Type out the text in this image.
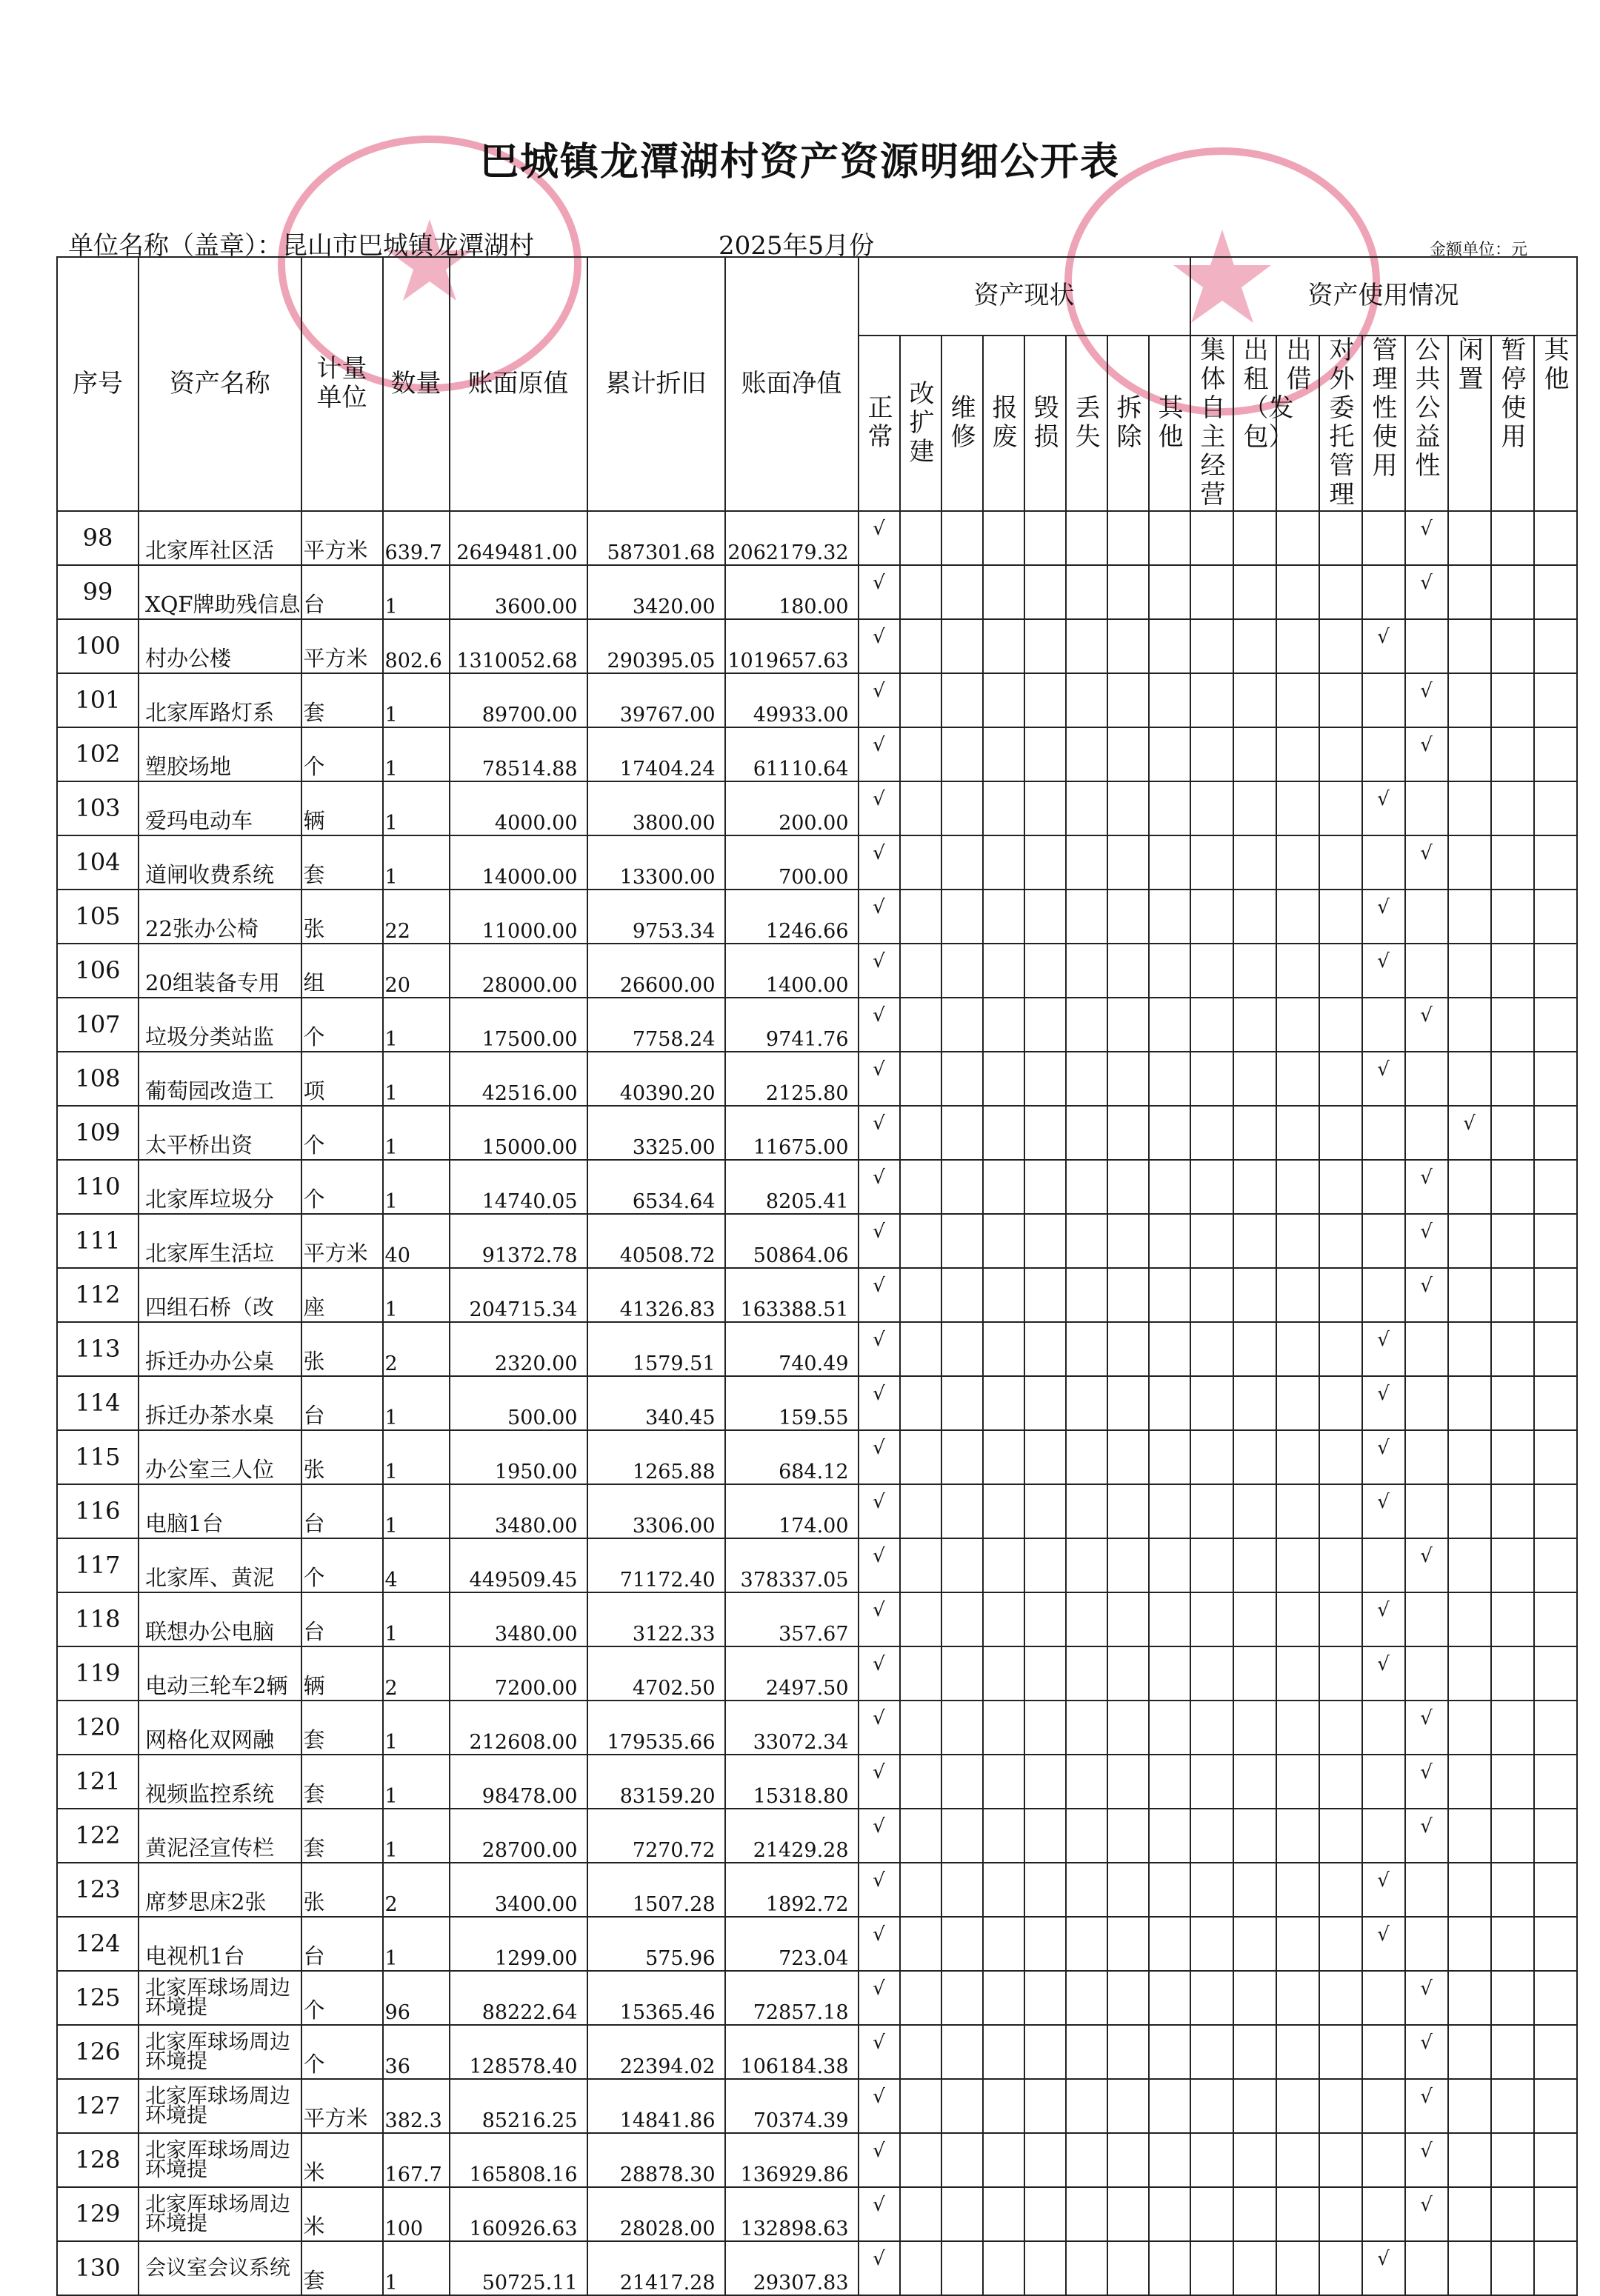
巴城镇龙潭湖村资产资源明细公开表
单位名称（盖章）：昆山市巴城镇龙潭湖村	2025年5月份	金额单位：元
序号	资产名称	计量单位	数量	账面原值	累计折旧	账面净值	资产现状								资产使用情况								
							正常	改扩建	维修	报废	毁损	丢失	拆除	其他	集体自主经营	出租（发包）	出借	对外委托管理	管理性使用	公共公益性	闲置	暂停使用	其他
98	北家厍社区活	平方米	639.7	2649481.00	587301.68	2062179.32	√													√			
99	XQF牌助残信息	台	1	3600.00	3420.00	180.00	√													√			
100	村办公楼	平方米	802.6	1310052.68	290395.05	1019657.63	√												√				
101	北家厍路灯系	套	1	89700.00	39767.00	49933.00	√													√			
102	塑胶场地	个	1	78514.88	17404.24	61110.64	√													√			
103	爱玛电动车	辆	1	4000.00	3800.00	200.00	√												√				
104	道闸收费系统	套	1	14000.00	13300.00	700.00	√													√			
105	22张办公椅	张	22	11000.00	9753.34	1246.66	√												√				
106	20组装备专用	组	20	28000.00	26600.00	1400.00	√												√				
107	垃圾分类站监	个	1	17500.00	7758.24	9741.76	√													√			
108	葡萄园改造工	项	1	42516.00	40390.20	2125.80	√												√				
109	太平桥出资	个	1	15000.00	3325.00	11675.00	√														√		
110	北家厍垃圾分	个	1	14740.05	6534.64	8205.41	√													√			
111	北家厍生活垃	平方米	40	91372.78	40508.72	50864.06	√													√			
112	四组石桥（改	座	1	204715.34	41326.83	163388.51	√													√			
113	拆迁办办公桌	张	2	2320.00	1579.51	740.49	√												√				
114	拆迁办茶水桌	台	1	500.00	340.45	159.55	√												√				
115	办公室三人位	张	1	1950.00	1265.88	684.12	√												√				
116	电脑1台	台	1	3480.00	3306.00	174.00	√												√				
117	北家厍、黄泥	个	4	449509.45	71172.40	378337.05	√													√			
118	联想办公电脑	台	1	3480.00	3122.33	357.67	√												√				
119	电动三轮车2辆	辆	2	7200.00	4702.50	2497.50	√												√				
120	网格化双网融	套	1	212608.00	179535.66	33072.34	√													√			
121	视频监控系统	套	1	98478.00	83159.20	15318.80	√													√			
122	黄泥泾宣传栏	套	1	28700.00	7270.72	21429.28	√													√			
123	席梦思床2张	张	2	3400.00	1507.28	1892.72	√												√				
124	电视机1台	台	1	1299.00	575.96	723.04	√												√				
125	北家厍球场周边环境提	个	96	88222.64	15365.46	72857.18	√													√			
126	北家厍球场周边环境提	个	36	128578.40	22394.02	106184.38	√													√			
127	北家厍球场周边环境提	平方米	382.3	85216.25	14841.86	70374.39	√													√			
128	北家厍球场周边环境提	米	167.7	165808.16	28878.30	136929.86	√													√			
129	北家厍球场周边环境提	米	100	160926.63	28028.00	132898.63	√													√			
130	会议室会议系统	套	1	50725.11	21417.28	29307.83	√												√				
